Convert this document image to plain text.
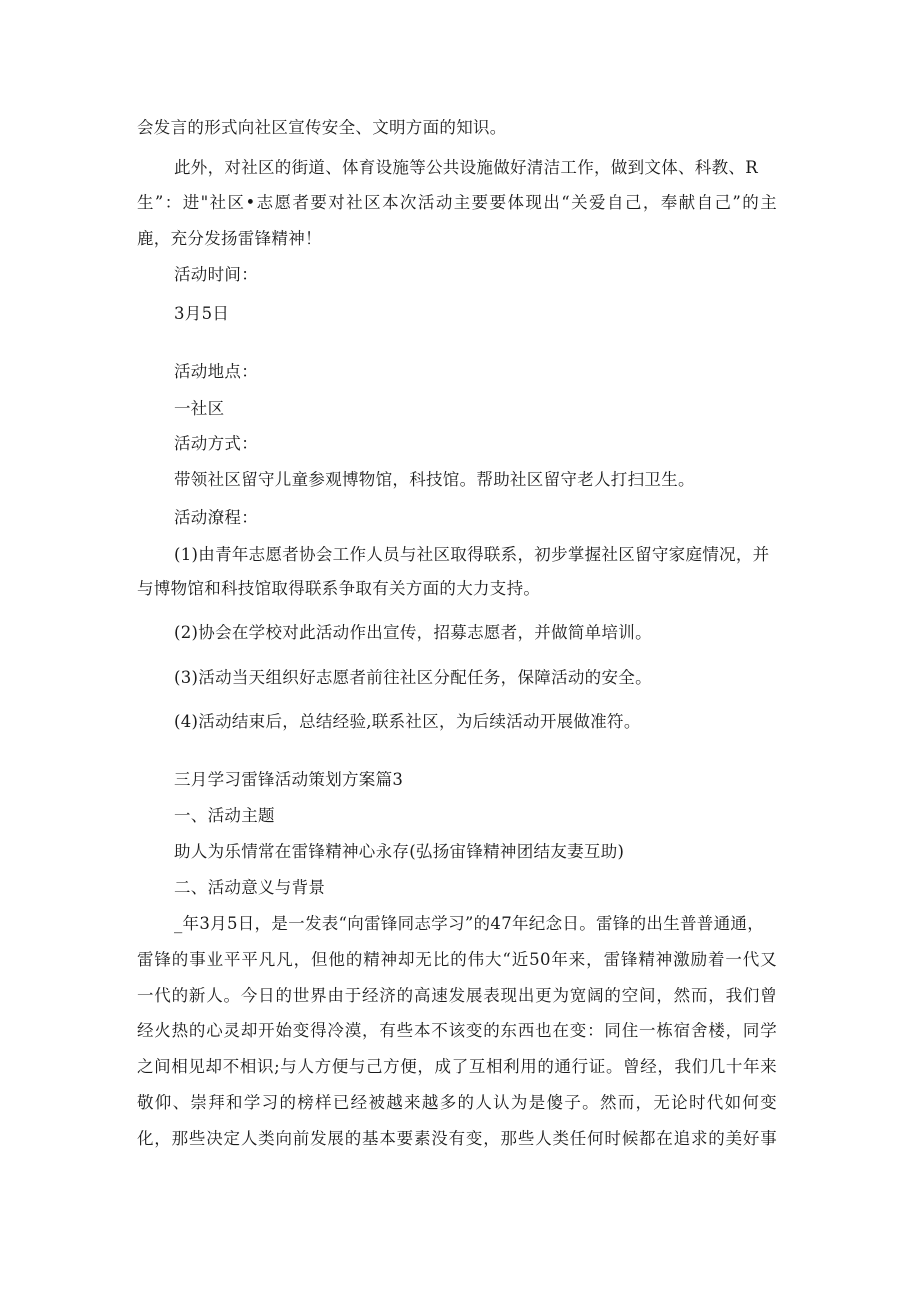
会发言的形式向社区宣传安全、文明方面的知识。
此外，对社区的街道、体育设施等公共设施做好清洁工作，做到文体、科教、R
生”：进"社区•志愿者要对社区本次活动主要要体现出“关爱自己，奉献自己”的主
鹿，充分发扬雷锋精神！
活动时间：
3月5日
活动地点：
一社区
活动方式：
带领社区留守儿童参观博物馆，科技馆。帮助社区留守老人打扫卫生。
活动潦程：
(1)由青年志愿者协会工作人员与社区取得联系，初步掌握社区留守家庭情况，并
与博物馆和科技馆取得联系争取有关方面的大力支持。
(2)协会在学校对此活动作出宣传，招募志愿者，并做简单培训。
(3)活动当天组织好志愿者前往社区分配任务，保障活动的安全。
(4)活动结束后，总结经验,联系社区，为后续活动开展做准符。
三月学习雷锋活动策划方案篇3
一、活动主题
助人为乐情常在雷锋精神心永存(弘扬宙锋精神团结友妻互助)
二、活动意义与背景
_年3月5日，是一发表“向雷锋同志学习”的47年纪念日。雷锋的出生普普通通，
雷锋的事业平平凡凡，但他的精神却无比的伟大“近50年来，雷锋精神激励着一代又
一代的新人。今日的世界由于经济的高速发展表现出更为宽阔的空间，然而，我们曾
经火热的心灵却开始变得冷漠，有些本不该变的东西也在变：同住一栋宿舍楼，同学
之间相见却不相识;与人方便与己方便，成了互相利用的通行证。曾经，我们几十年来
敬仰、崇拜和学习的榜样已经被越来越多的人认为是傻子。然而，无论时代如何变
化，那些决定人类向前发展的基本要素没有变，那些人类任何时候都在追求的美好事
